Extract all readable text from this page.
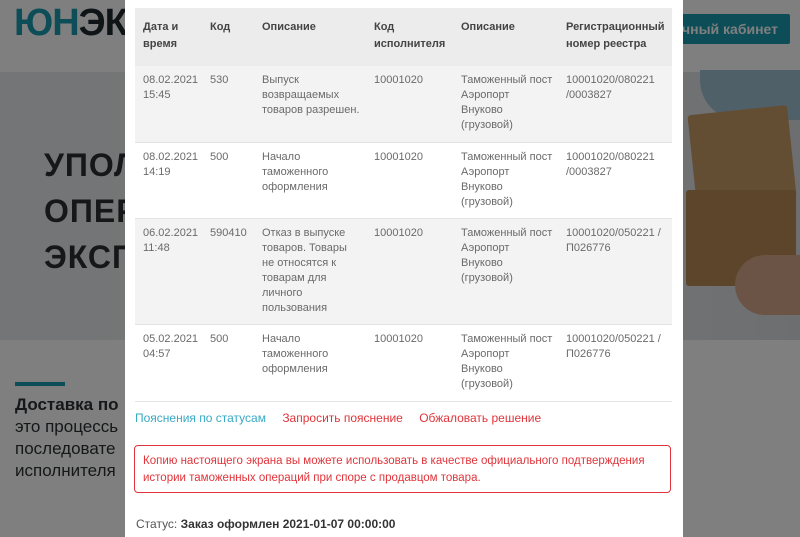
Дата и время	Код	Описание	Код исполнителя	Описание	Регистрационный номер реестра
08.02.2021 15:45	530	Выпуск возвращаемых товаров разрешен.	10001020	Таможенный пост Аэропорт Внуково (грузовой)	10001020/080221 /0003827
08.02.2021 14:19	500	Начало таможенного оформления	10001020	Таможенный пост Аэропорт Внуково (грузовой)	10001020/080221 /0003827
06.02.2021 11:48	590410	Отказ в выпуске товаров. Товары не относятся к товарам для личного пользования	10001020	Таможенный пост Аэропорт Внуково (грузовой)	10001020/050221 /П026776
05.02.2021 04:57	500	Начало таможенного оформления	10001020	Таможенный пост Аэропорт Внуково (грузовой)	10001020/050221 /П026776
Пояснения по статусам Запросить пояснение Обжаловать решение
Копию настоящего экрана вы можете использовать в качестве официального подтверждения истории таможенных операций при споре с продавцом товара.
Статус: Заказ оформлен 2021-01-07 00:00:00
